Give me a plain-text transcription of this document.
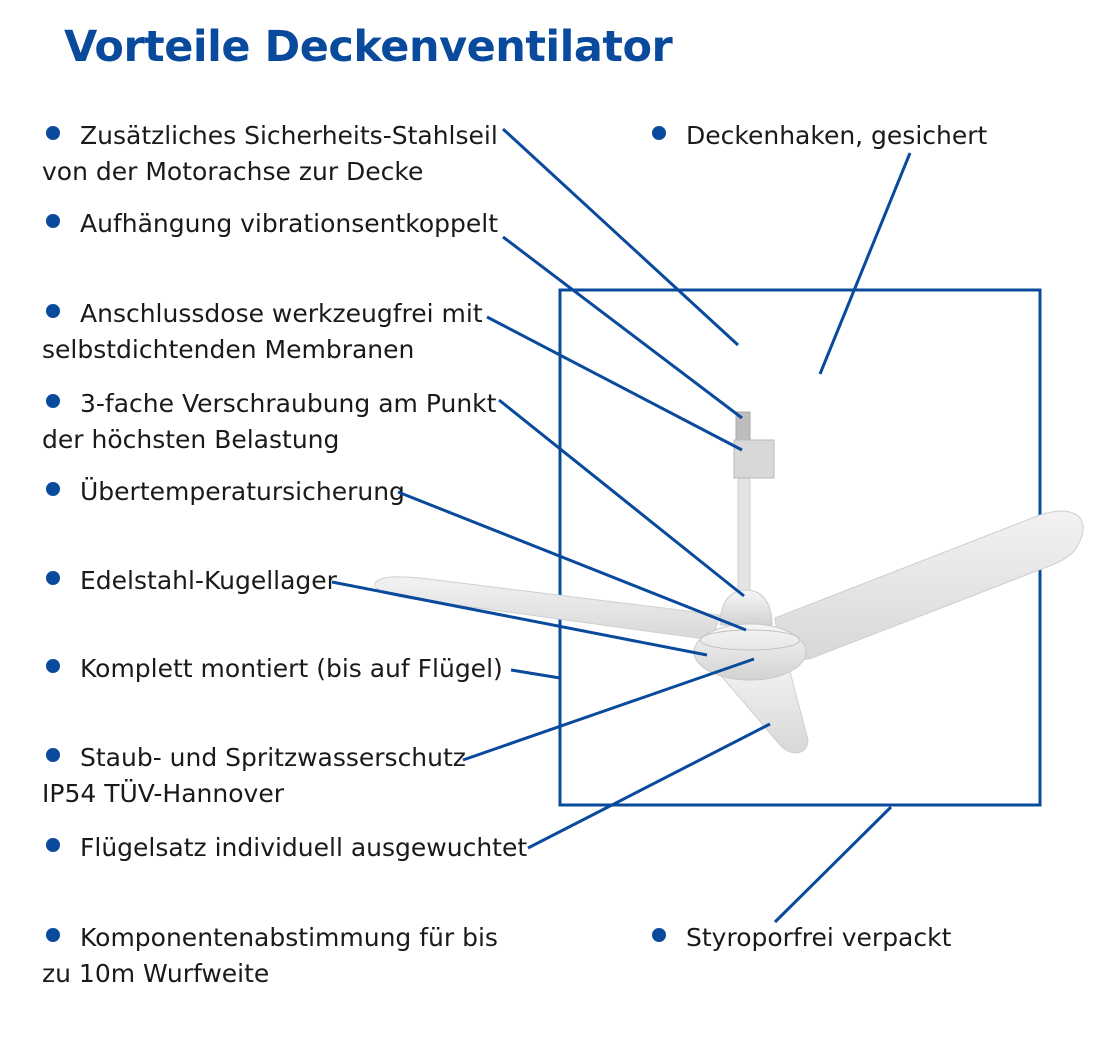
Vorteile Deckenventilator
Zusätzliches Sicherheits-Stahlseil
von der Motorachse zur Decke
Aufhängung vibrationsentkoppelt
Anschlussdose werkzeugfrei mit
selbstdichtenden Membranen
3-fache Verschraubung am Punkt
der höchsten Belastung
Übertemperatursicherung
Edelstahl-Kugellager
Komplett montiert (bis auf Flügel)
Staub- und Spritzwasserschutz
IP54 TÜV-Hannover
Flügelsatz individuell ausgewuchtet
Komponentenabstimmung für bis
zu 10m Wurfweite
Deckenhaken, gesichert
Styroporfrei verpackt
